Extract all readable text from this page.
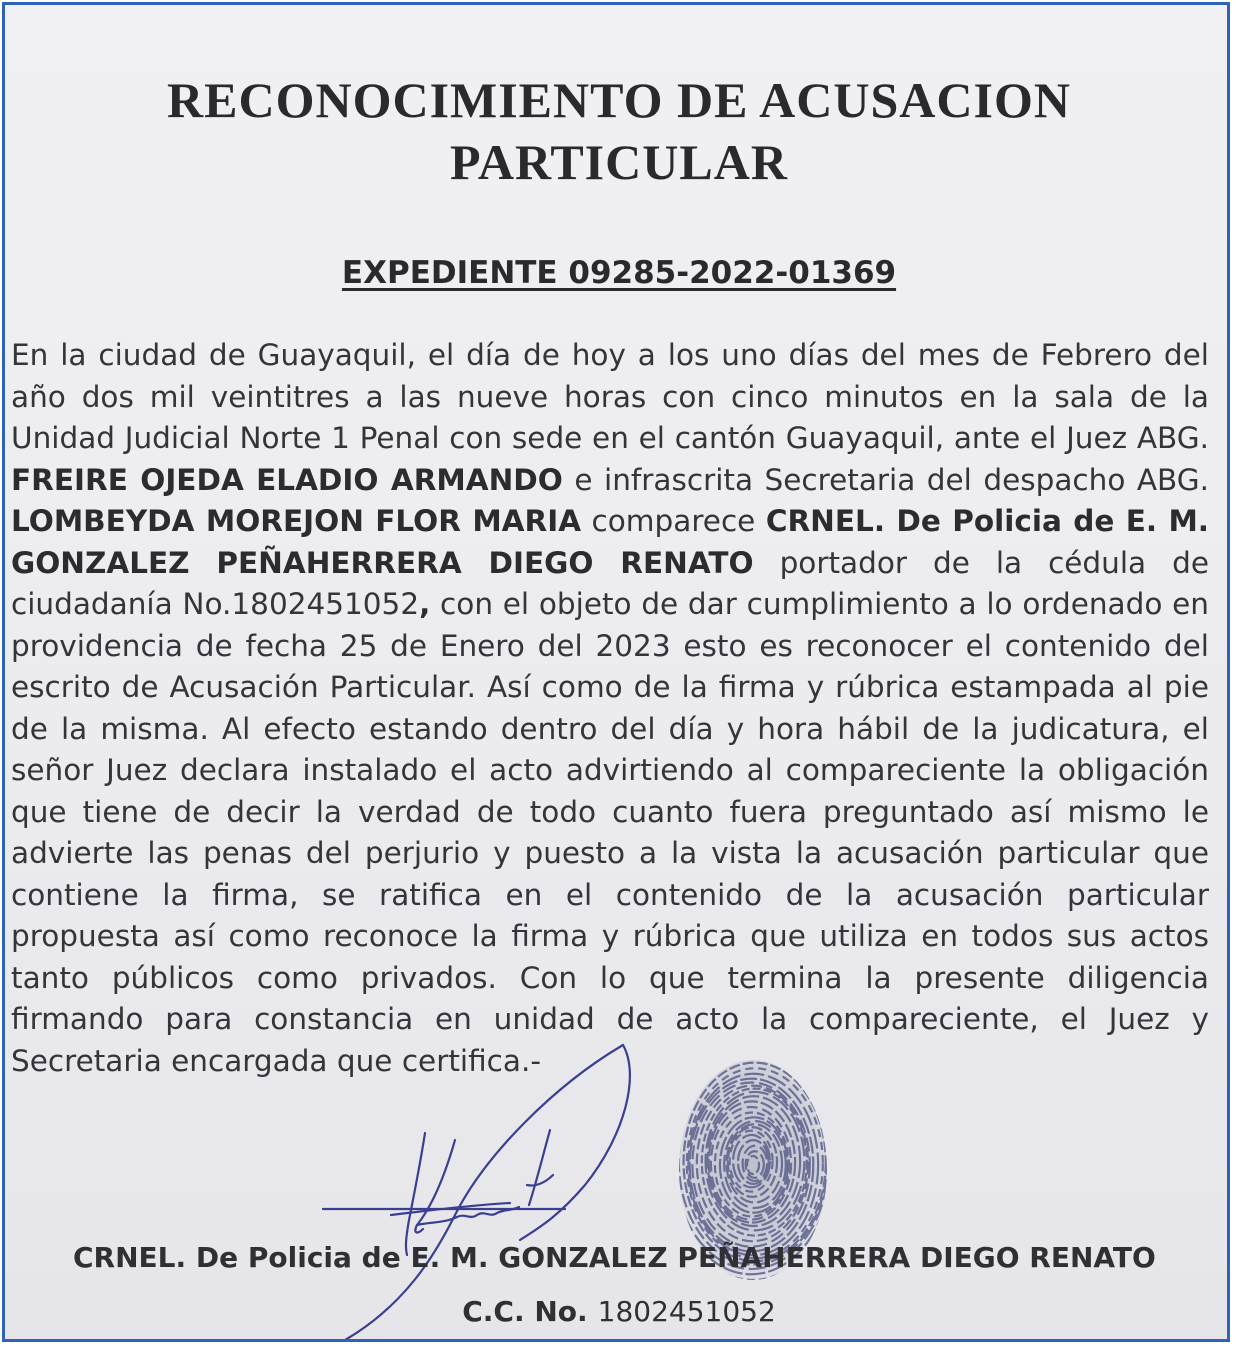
RECONOCIMIENTO DE ACUSACION
PARTICULAR
EXPEDIENTE 09285-2022-01369

En la ciudad de Guayaquil, el día de hoy a los uno días del mes de Febrero del año dos mil veintitres a las nueve horas con cinco minutos en la sala de la Unidad Judicial Norte 1 Penal con sede en el cantón Guayaquil, ante el Juez ABG. FREIRE OJEDA ELADIO ARMANDO e infrascrita Secretaria del despacho ABG. LOMBEYDA MOREJON FLOR MARIA comparece CRNEL. De Policia de E. M. GONZALEZ PEÑAHERRERA DIEGO RENATO portador de la cédula de ciudadanía No.1802451052, con el objeto de dar cumplimiento a lo ordenado en providencia de fecha 25 de Enero del 2023 esto es reconocer el contenido del escrito de Acusación Particular. Así como de la firma y rúbrica estampada al pie de la misma. Al efecto estando dentro del día y hora hábil de la judicatura, el señor Juez declara instalado el acto advirtiendo al compareciente la obligación que tiene de decir la verdad de todo cuanto fuera preguntado así mismo le advierte las penas del perjurio y puesto a la vista la acusación particular que contiene la firma, se ratifica en el contenido de la acusación particular propuesta así como reconoce la firma y rúbrica que utiliza en todos sus actos tanto públicos como privados. Con lo que termina la presente diligencia firmando para constancia en unidad de acto la compareciente, el Juez y Secretaria encargada que certifica.-

CRNEL. De Policia de E. M. GONZALEZ PEÑAHERRERA DIEGO RENATO
C.C. No. 1802451052
